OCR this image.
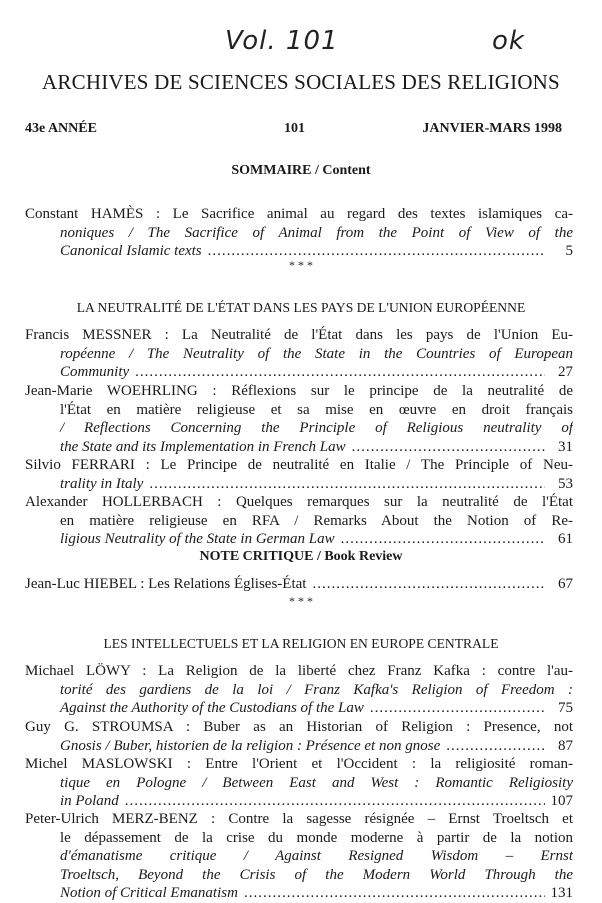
Vol. 101	ok
ARCHIVES DE SCIENCES SOCIALES DES RELIGIONS
43e ANNÉE	101	JANVIER-MARS 1998
SOMMAIRE / Content
* * *
LA NEUTRALITÉ DE L'ÉTAT DANS LES PAYS DE L'UNION EUROPÉENNE
NOTE CRITIQUE / Book Review
* * *
LES INTELLECTUELS ET LA RELIGION EN EUROPE CENTRALE
Constant HAMÈS : Le Sacrifice animal au regard des textes islamiques ca-
noniques / The Sacrifice of Animal from the Point of View of the
Canonical Islamic texts .....	5
Francis MESSNER : La Neutralité de l'État dans les pays de l'Union Eu-
ropéenne / The Neutrality of the State in the Countries of European
Community .....	27
Jean-Marie WOEHRLING : Réflexions sur le principe de la neutralité de
l'État en matière religieuse et sa mise en œuvre en droit français
/ Reflections Concerning the Principle of Religious neutrality of
the State and its Implementation in French Law .....	31
Silvio FERRARI : Le Principe de neutralité en Italie / The Principle of Neu-
trality in Italy .....	53
Alexander HOLLERBACH : Quelques remarques sur la neutralité de l'État
en matière religieuse en RFA / Remarks About the Notion of Re-
ligious Neutrality of the State in German Law .....	61
Jean-Luc HIEBEL : Les Relations Églises-État .....	67
Michael LÖWY : La Religion de la liberté chez Franz Kafka : contre l'au-
torité des gardiens de la loi / Franz Kafka's Religion of Freedom :
Against the Authority of the Custodians of the Law .....	75
Guy G. STROUMSA : Buber as an Historian of Religion : Presence, not
Gnosis / Buber, historien de la religion : Présence et non gnose .....	87
Michel MASLOWSKI : Entre l'Orient et l'Occident : la religiosité roman-
tique en Pologne / Between East and West : Romantic Religiosity
in Poland .....	107
Peter-Ulrich MERZ-BENZ : Contre la sagesse résignée – Ernst Troeltsch et
le dépassement de la crise du monde moderne à partir de la notion
d'émanatisme critique / Against Resigned Wisdom – Ernst
Troeltsch, Beyond the Crisis of the Modern World Through the
Notion of Critical Emanatism .....	131
